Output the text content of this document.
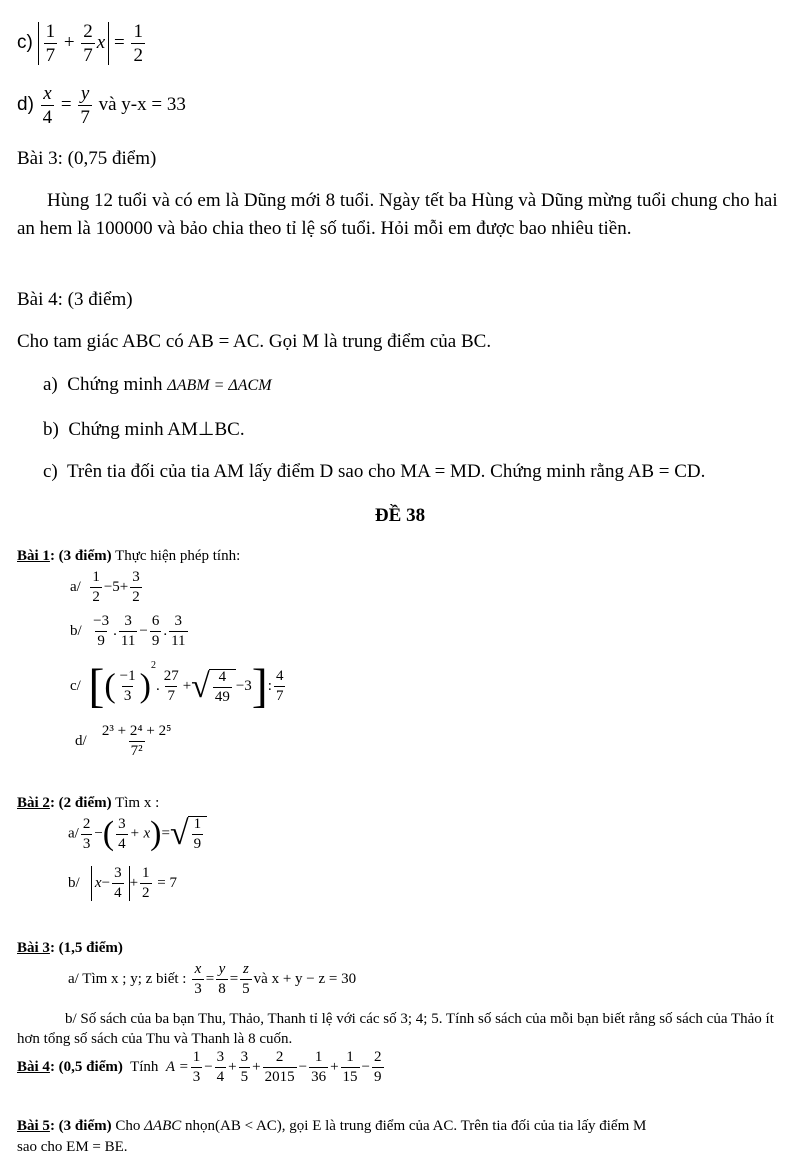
$c) \frac{1}{7} + \frac{2}{7}$ $x = \frac{1}{2}$
$d) \frac{x}{4} = \frac{y}{7}$ và y-x = 33
Bài 3: (0,75 điểm)

Hùng 12 tuổi và có em là Dũng mới 8 tuổi. Ngày tết ba Hùng và Dũng mừng tuổi chung cho hai an hem là 100000 và bảo chia theo tỉ lệ số tuổi. Hỏi mỗi em được bao nhiêu tiền.

Bài 4: (3 điểm)
Cho tam giác ABC có AB = AC. Gọi M là trung điểm của BC.
a) Chứng minh ΔABM = ΔACM
b) Chứng minh AM⊥BC.
c) Trên tia đối của tia AM lấy điểm D sao cho MA = MD. Chứng minh rằng AB = CD.
ĐỀ 38
Bài 1: (3 điểm) Thực hiện phép tính:
$a/ \frac{1}{2} -5+ \frac{3}{2}$
$b/ \frac{-3}{9}$ . $\frac{3}{11} - \frac{6}{9}$ . $\frac{3}{11}$
c/ [( $\frac{-1}{3} )^2$. $\frac{27}{7}$ + √ $\frac{4}{49} -3$]: $\frac{4}{7}$
$d/ \frac{\text{2³ + 2⁴ + 2⁵}}{\text{7²}}$
Bài 2: (2 điểm) Tìm x :
$a/ \frac{2}{3}$ −( $\frac{3}{4} + x)=$ √ $\frac{1}{9}$
b/ $x- \frac{3}{4} + \frac{1}{2} = 7$
Bài 3: (1,5 điểm)
a/ Tìm x ; y; z biết : $\frac{x}{3} = \frac{y}{8} = \frac{z}{5}$ và x + y − z = 30

b/ Số sách của ba bạn Thu, Thảo, Thanh tỉ lệ với các số 3; 4; 5. Tính số sách của mỗi bạn biết rằng số sách của Thảo ít hơn tổng số sách của Thu và Thanh là 8 cuốn.

Bài 4: (0,5 điểm) Tính $A = \frac{1}{3} - \frac{3}{4} + \frac{3}{5} + \frac{2}{2015} - \frac{1}{36} + \frac{1}{15} - \frac{2}{9}$
Bài 5: (3 điểm) Cho ΔABC nhọn(AB < AC), gọi E là trung điểm của AC. Trên tia đối của tia lấy điểm M
sao cho EM = BE.
